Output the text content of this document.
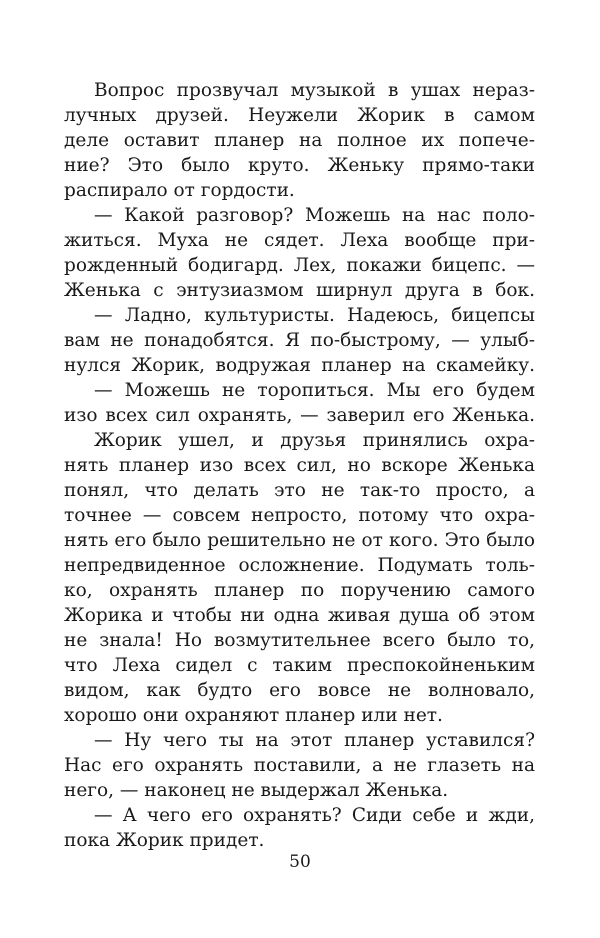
Вопрос прозвучал музыкой в ушах нераз-
лучных друзей. Неужели Жорик в самом
деле оставит планер на полное их попече-
ние? Это было круто. Женьку прямо-таки
распирало от гордости.
— Какой разговор? Можешь на нас поло-
житься. Муха не сядет. Леха вообще при-
рожденный бодигард. Лех, покажи бицепс. —
Женька с энтузиазмом ширнул друга в бок.
— Ладно, культуристы. Надеюсь, бицепсы
вам не понадобятся. Я по-быстрому, — улыб-
нулся Жорик, водружая планер на скамейку.
— Можешь не торопиться. Мы его будем
изо всех сил охранять, — заверил его Женька.
Жорик ушел, и друзья принялись охра-
нять планер изо всех сил, но вскоре Женька
понял, что делать это не так-то просто, а
точнее — совсем непросто, потому что охра-
нять его было решительно не от кого. Это было
непредвиденное осложнение. Подумать толь-
ко, охранять планер по поручению самого
Жорика и чтобы ни одна живая душа об этом
не знала! Но возмутительнее всего было то,
что Леха сидел с таким преспокойненьким
видом, как будто его вовсе не волновало,
хорошо они охраняют планер или нет.
— Ну чего ты на этот планер уставился?
Нас его охранять поставили, а не глазеть на
него, — наконец не выдержал Женька.
— А чего его охранять? Сиди себе и жди,
пока Жорик придет.
50
